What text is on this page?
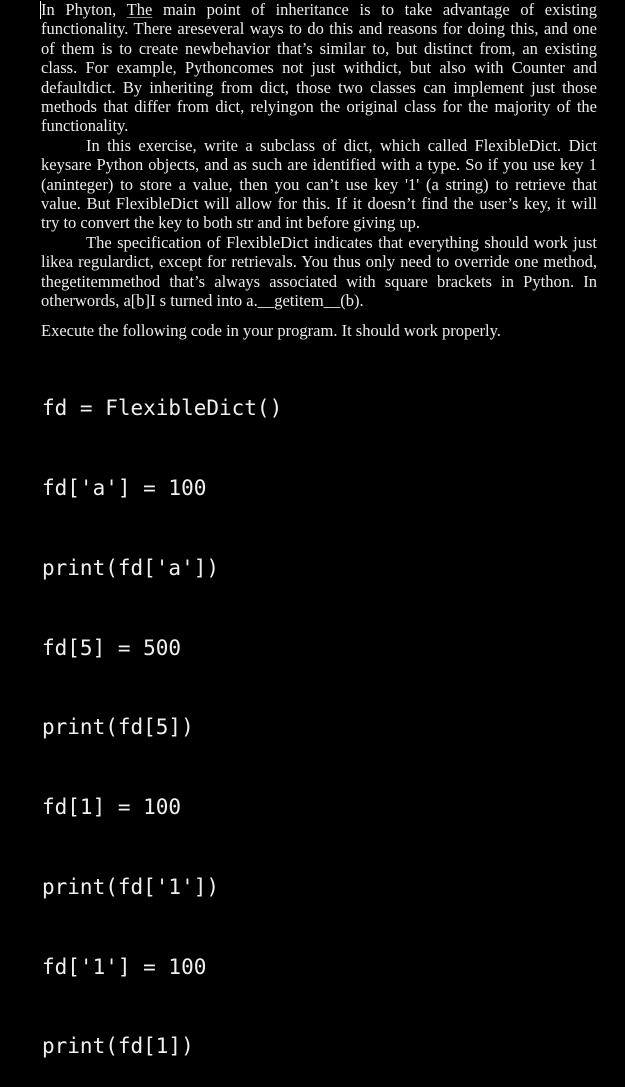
In Phyton, The main point of inheritance is to take advantage of existing functionality. There areseveral ways to do this and reasons for doing this, and one of them is to create newbehavior that’s similar to, but distinct from, an existing class. For example, Pythoncomes not just withdict, but also with Counter and defaultdict. By inheriting from dict, those two classes can implement just those methods that differ from dict, relyingon the original class for the majority of the functionality.

In this exercise, write a subclass of dict, which called FlexibleDict. Dict keysare Python objects, and as such are identified with a type. So if you use key 1 (aninteger) to store a value, then you can’t use key '1' (a string) to retrieve that value. But FlexibleDict will allow for this. If it doesn’t find the user’s key, it will try to convert the key to both str and int before giving up.

The specification of FlexibleDict indicates that everything should work just likea regulardict, except for retrievals. You thus only need to override one method, thegetitemmethod that’s always associated with square brackets in Python. In otherwords, a[b]I s turned into a.__getitem__(b).

Execute the following code in your program. It should work properly.

fd = FlexibleDict()

fd['a'] = 100

print(fd['a'])

fd[5] = 500

print(fd[5])

fd[1] = 100

print(fd['1'])

fd['1'] = 100

print(fd[1])
